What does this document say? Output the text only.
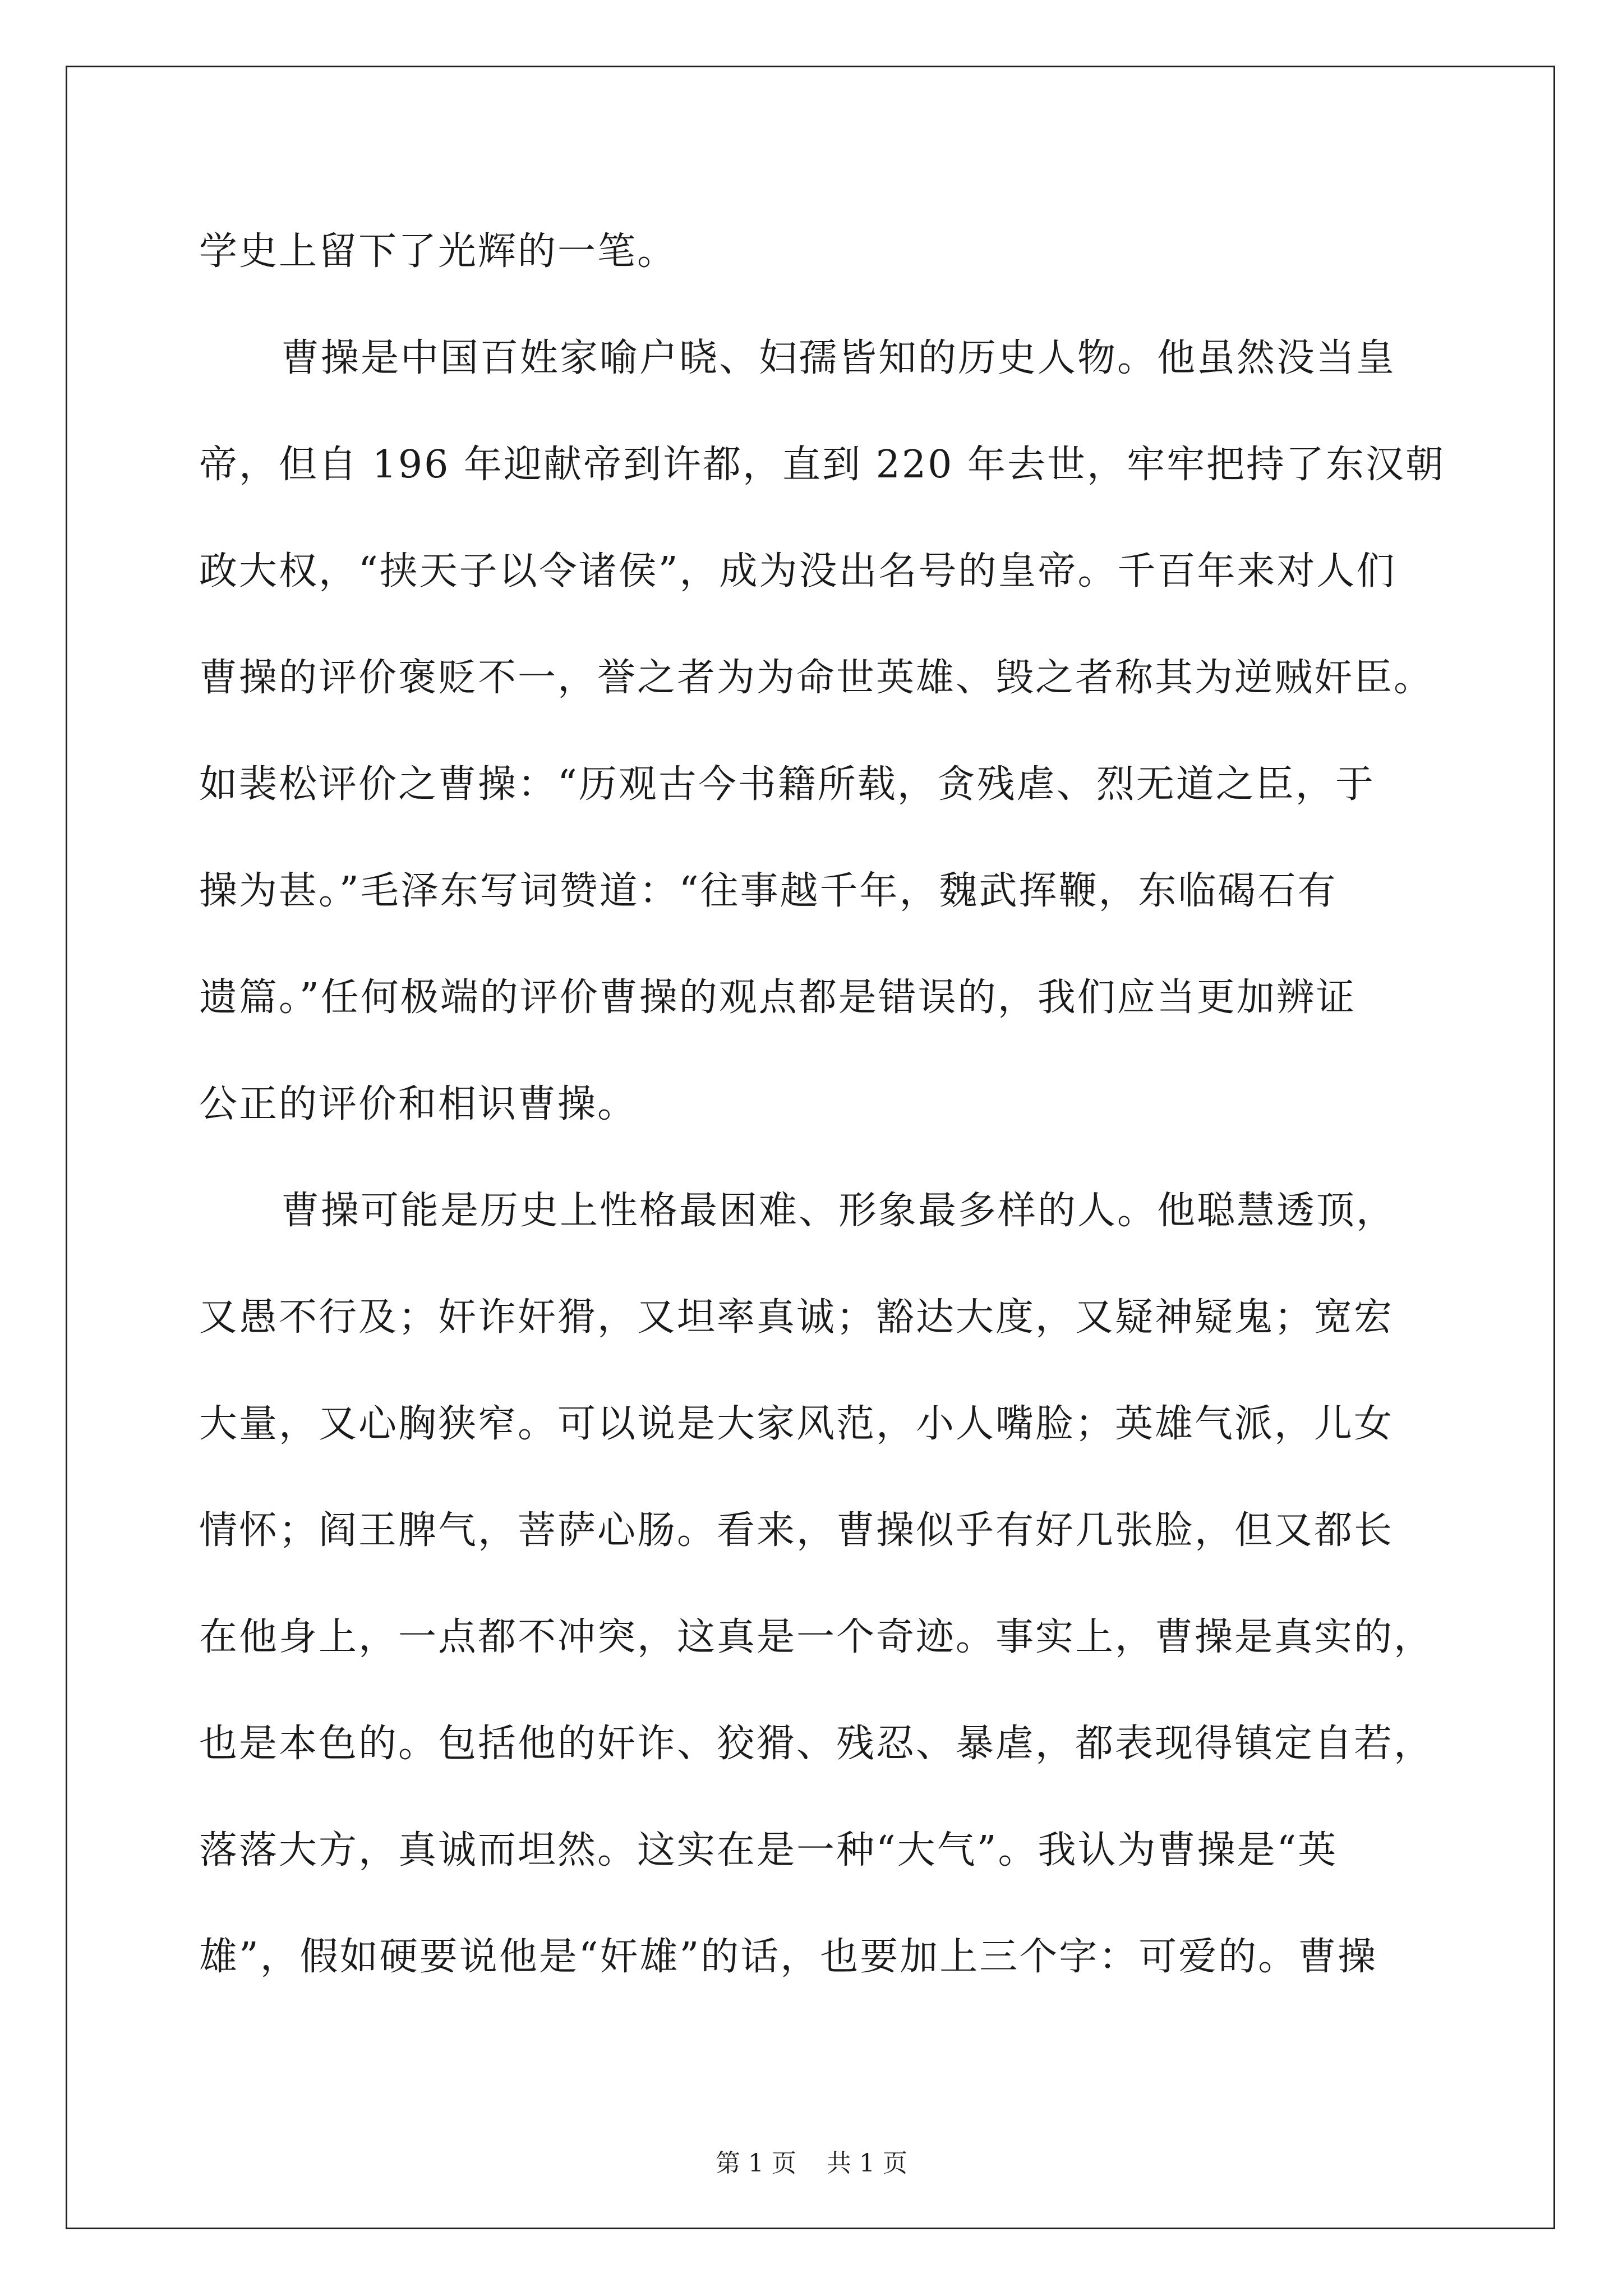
学史上留下了光辉的一笔。
曹操是中国百姓家喻户晓、妇孺皆知的历史人物。他虽然没当皇
帝，但自 196 年迎献帝到许都，直到 220 年去世，牢牢把持了东汉朝
政大权，“挟天子以令诸侯”，成为没出名号的皇帝。千百年来对人们
曹操的评价褒贬不一，誉之者为为命世英雄、毁之者称其为逆贼奸臣。
如裴松评价之曹操：“历观古今书籍所载，贪残虐、烈无道之臣，于
操为甚。”毛泽东写词赞道：“往事越千年，魏武挥鞭，东临碣石有
遗篇。”任何极端的评价曹操的观点都是错误的，我们应当更加辨证
公正的评价和相识曹操。
曹操可能是历史上性格最困难、形象最多样的人。他聪慧透顶，
又愚不行及；奸诈奸猾，又坦率真诚；豁达大度，又疑神疑鬼；宽宏
大量，又心胸狭窄。可以说是大家风范，小人嘴脸；英雄气派，儿女
情怀；阎王脾气，菩萨心肠。看来，曹操似乎有好几张脸，但又都长
在他身上，一点都不冲突，这真是一个奇迹。事实上，曹操是真实的，
也是本色的。包括他的奸诈、狡猾、残忍、暴虐，都表现得镇定自若，
落落大方，真诚而坦然。这实在是一种“大气”。我认为曹操是“英
雄”，假如硬要说他是“奸雄”的话，也要加上三个字：可爱的。曹操
第 1 页 共 1 页
